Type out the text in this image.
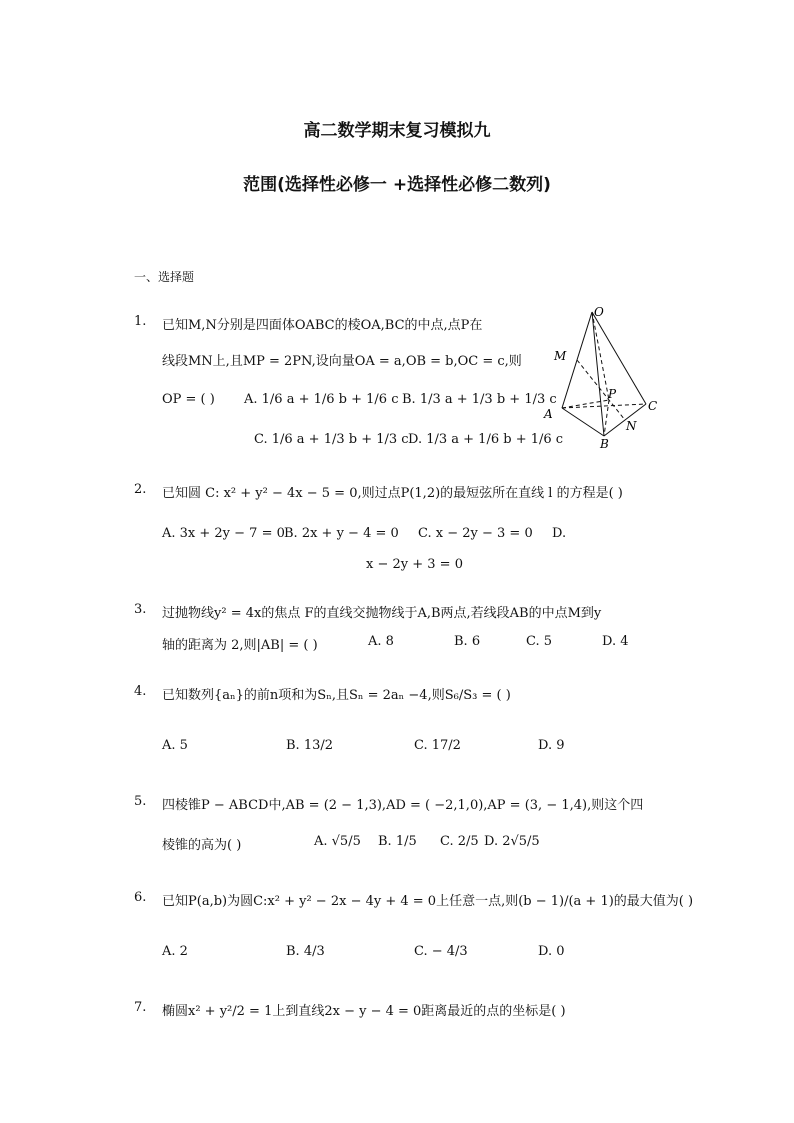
高二数学期末复习模拟九
范围(选择性必修一 +选择性必修二数列)
一、选择题
1. 已知M,N分别是四面体OABC的棱OA,BC的中点,点P在
线段MN上,且MP = 2PN,设向量OA = a,OB = b,OC = c,则
OP = ( ) A. 1/6 a + 1/6 b + 1/6 c B. 1/3 a + 1/3 b + 1/3 c
C. 1/6 a + 1/3 b + 1/3 c D. 1/3 a + 1/6 b + 1/6 c
O
M
A
P
C
N
B
2. 已知圆 C: x² + y² − 4x − 5 = 0,则过点P(1,2)的最短弦所在直线 l 的方程是( )
A. 3x + 2y − 7 = 0 B. 2x + y − 4 = 0 C. x − 2y − 3 = 0 D.
x − 2y + 3 = 0
3. 过抛物线y² = 4x的焦点 F的直线交抛物线于A,B两点,若线段AB的中点M到y
轴的距离为 2,则|AB| = ( )	A. 8	B. 6	C. 5	D. 4
4. 已知数列{aₙ}的前n项和为Sₙ,且Sₙ = 2aₙ −4,则S₆/S₃ = ( )
A. 5	B. 13/2	C. 17/2	D. 9
5. 四棱锥P − ABCD中,AB = (2 − 1,3),AD = ( −2,1,0),AP = (3, − 1,4),则这个四
棱锥的高为( )	A. √5/5 B. 1/5 C. 2/5 D. 2√5/5
6. 已知P(a,b)为圆C:x² + y² − 2x − 4y + 4 = 0上任意一点,则(b − 1)/(a + 1)的最大值为( )
A. 2	B. 4/3	C. − 4/3	D. 0
7. 椭圆x² + y²/2 = 1上到直线2x − y − 4 = 0距离最近的点的坐标是( )
